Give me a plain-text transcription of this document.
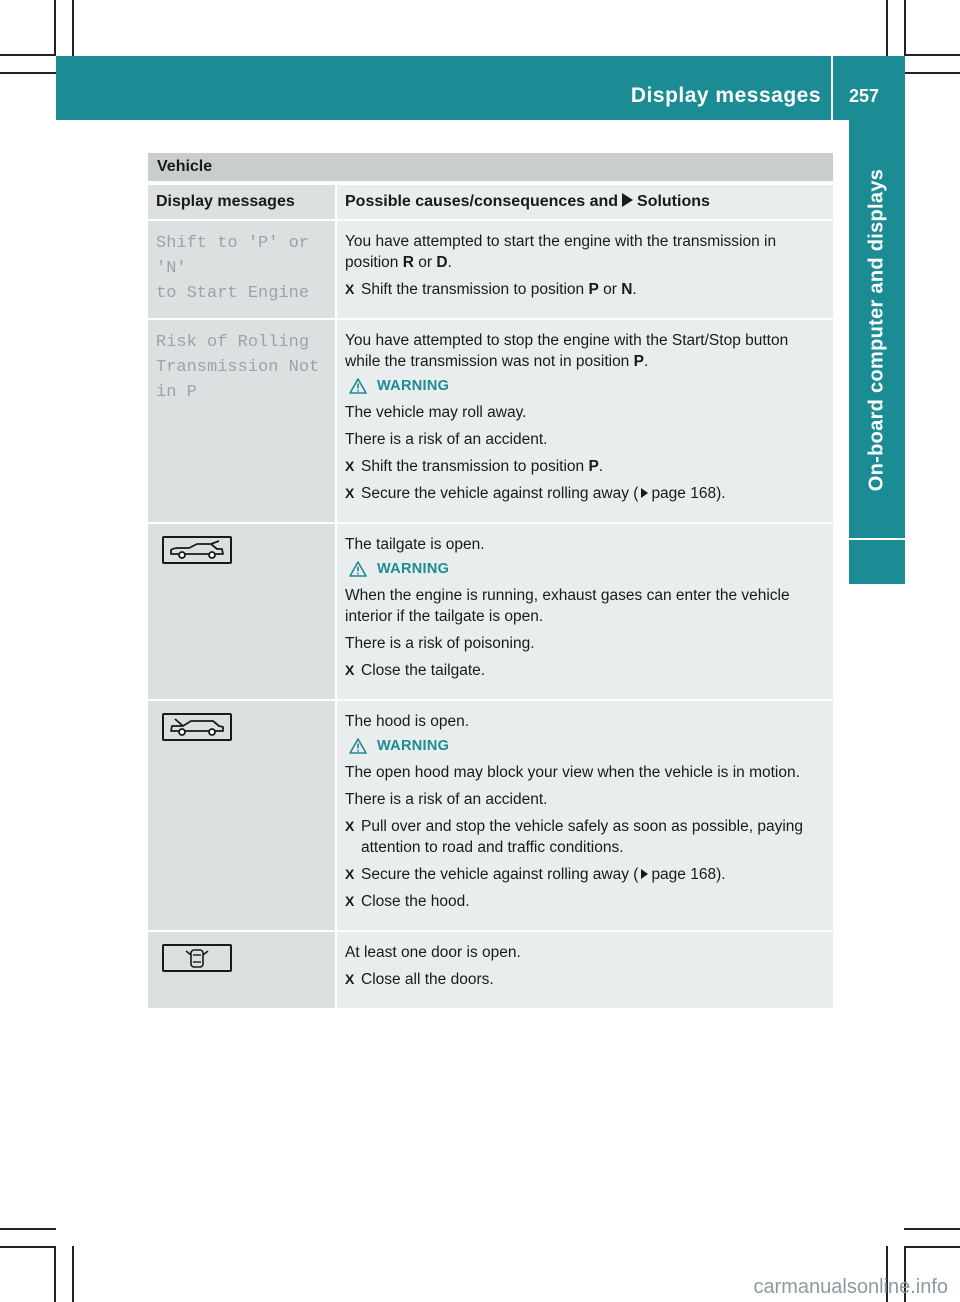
Display messages	257
On-board computer and displays
Vehicle
Display messages	Possible causes/consequences and Solutions
Shift to 'P' or 'N'
to Start Engine

You have attempted to start the engine with the transmission in position R or D.

X Shift the transmission to position P or N.
Risk of Rolling
Transmission Not
in P

You have attempted to stop the engine with the Start/Stop button while the transmission was not in position P.

WARNING

The vehicle may roll away.

There is a risk of an accident.

X Shift the transmission to position P.
X Secure the vehicle against rolling away ( page 168).

The tailgate is open.

WARNING

When the engine is running, exhaust gases can enter the vehicle interior if the tailgate is open.

There is a risk of poisoning.

X Close the tailgate.

The hood is open.

WARNING

The open hood may block your view when the vehicle is in motion.

There is a risk of an accident.

X Pull over and stop the vehicle safely as soon as possible, paying attention to road and traffic conditions.
X Secure the vehicle against rolling away ( page 168).
X Close the hood.

At least one door is open.

X Close all the doors.
carmanualsonline.info
